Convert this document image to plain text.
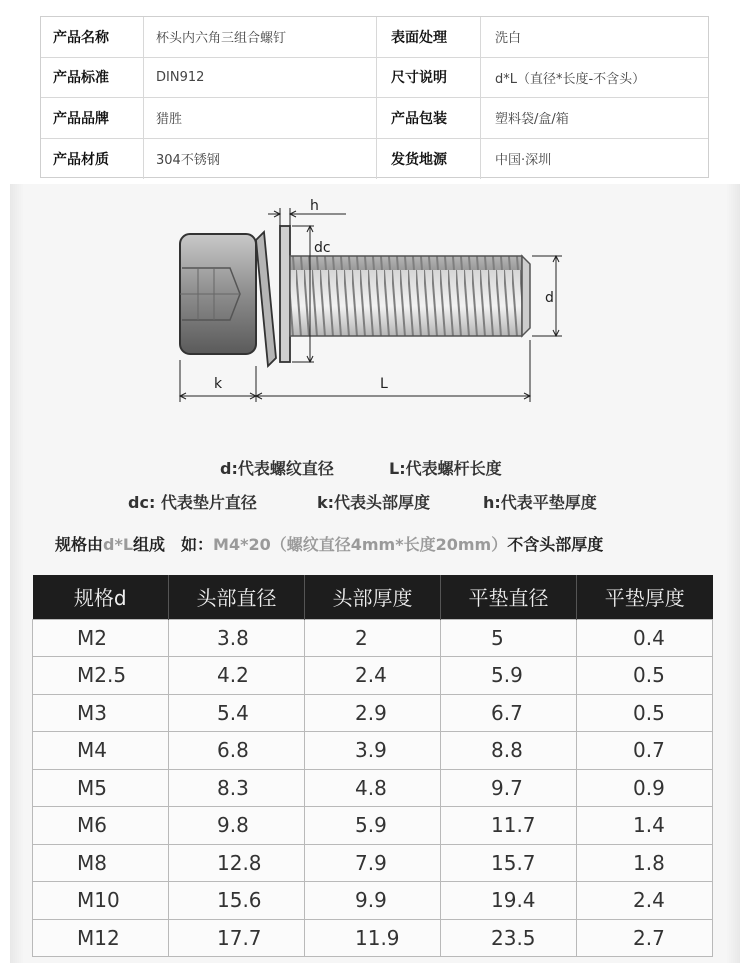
产品名称	杯头内六角三组合螺钉	表面处理	洗白
产品标准	DIN912	尺寸说明	d*L（直径*长度-不含头）
产品品牌	猎胜	产品包装	塑料袋/盒/箱
产品材质	304不锈钢	发货地源	中国·深圳
h
dc
d
k	L
d:代表螺纹直径	L:代表螺杆长度
dc: 代表垫片直径	k:代表头部厚度	h:代表平垫厚度
规格由d*L组成　如：M4*20（螺纹直径4mm*长度20mm）不含头部厚度
规格d	头部直径	头部厚度	平垫直径	平垫厚度
M2	3.8	2	5	0.4
M2.5	4.2	2.4	5.9	0.5
M3	5.4	2.9	6.7	0.5
M4	6.8	3.9	8.8	0.7
M5	8.3	4.8	9.7	0.9
M6	9.8	5.9	11.7	1.4
M8	12.8	7.9	15.7	1.8
M10	15.6	9.9	19.4	2.4
M12	17.7	11.9	23.5	2.7
